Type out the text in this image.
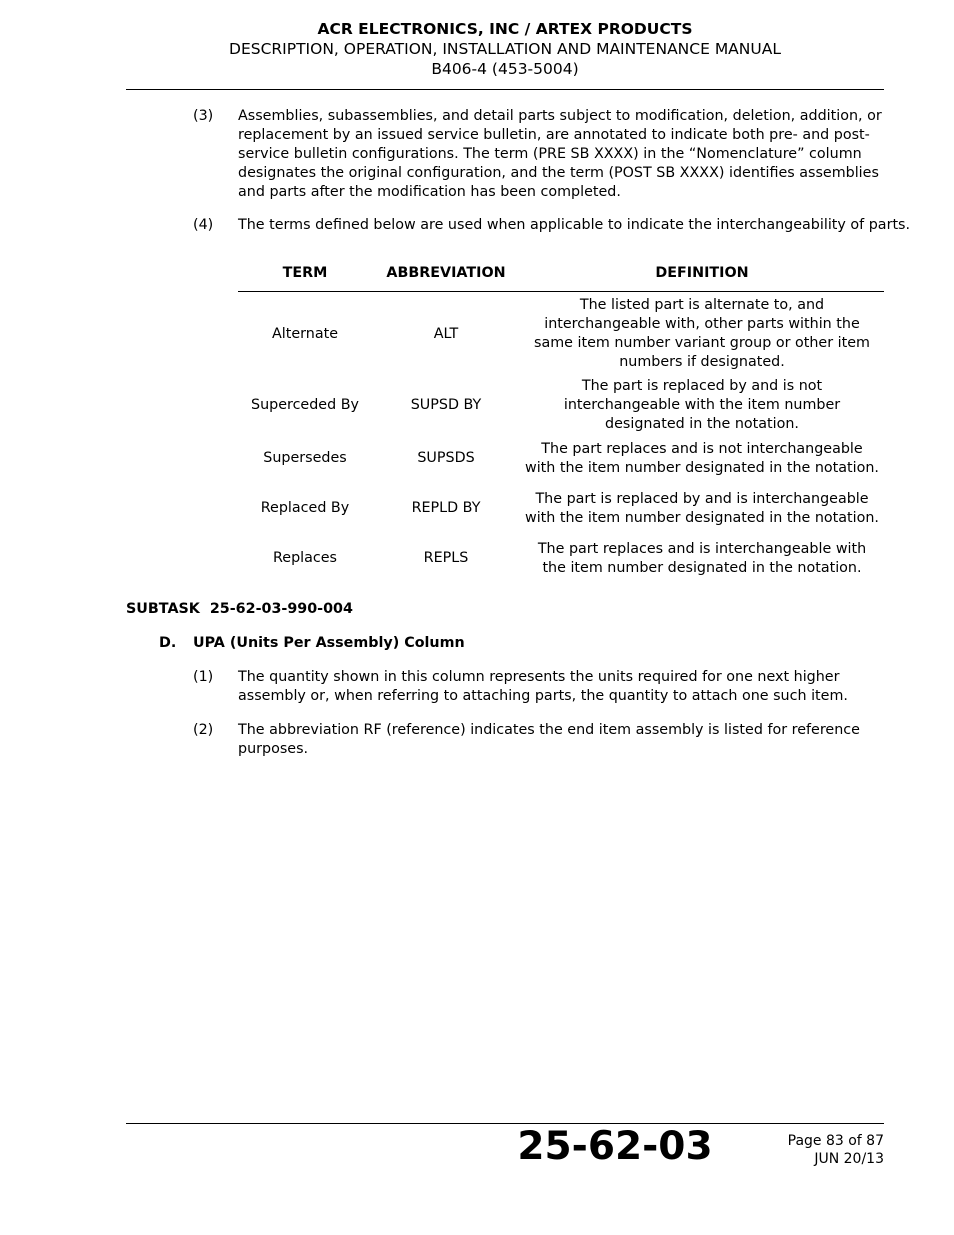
ACR ELECTRONICS, INC / ARTEX PRODUCTS
DESCRIPTION, OPERATION, INSTALLATION AND MAINTENANCE MANUAL
B406-4 (453-5004)
(3) Assemblies, subassemblies, and detail parts subject to modification, deletion, addition, or replacement by an issued service bulletin, are annotated to indicate both pre- and post-service bulletin configurations. The term (PRE SB XXXX) in the “Nomenclature” column designates the original configuration, and the term (POST SB XXXX) identifies assemblies and parts after the modification has been completed.
(4) The terms defined below are used when applicable to indicate the interchangeability of parts.
TERM	ABBREVIATION	DEFINITION
Alternate	ALT	The listed part is alternate to, and interchangeable with, other parts within the same item number variant group or other item numbers if designated.
Superceded By	SUPSD BY	The part is replaced by and is not interchangeable with the item number designated in the notation.
Supersedes	SUPSDS	The part replaces and is not interchangeable with the item number designated in the notation.
Replaced By	REPLD BY	The part is replaced by and is interchangeable with the item number designated in the notation.
Replaces	REPLS	The part replaces and is interchangeable with the item number designated in the notation.
SUBTASK  25-62-03-990-004
D. UPA (Units Per Assembly) Column
(1) The quantity shown in this column represents the units required for one next higher assembly or, when referring to attaching parts, the quantity to attach one such item.
(2) The abbreviation RF (reference) indicates the end item assembly is listed for reference purposes.
25-62-03	Page 83 of 87
JUN 20/13
